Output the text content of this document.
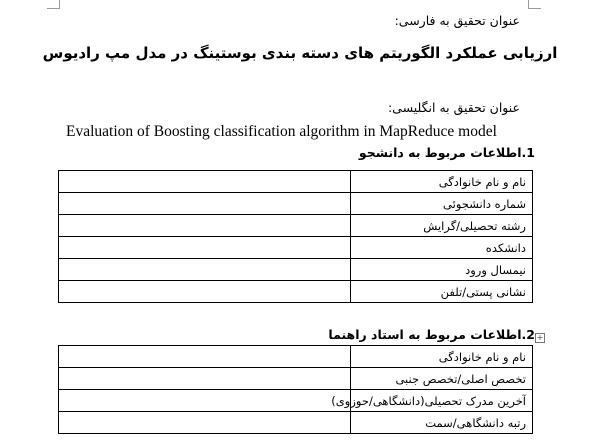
عنوان تحقیق به فارسی:
ارزیابی عملکرد الگوریتم های دسته بندی بوستینگ در مدل مپ رادیوس
عنوان تحقیق به انگلیسی:
Evaluation of Boosting classification algorithm in MapReduce model
1.اطلاعات مربوط به دانشجو
	نام و نام خانوادگی
	شماره دانشجوئی
	رشته تحصیلی/گرایش
	دانشکده
	نیمسال ورود
	نشانی پستی/تلفن
2.اطلاعات مربوط به استاد راهنما +
	نام و نام خانوادگی
	تخصص اصلی/تخصص جنبی
	آخرین مدرک تحصیلی(دانشگاهی/حوزوی)
	رتبه دانشگاهی/سمت
